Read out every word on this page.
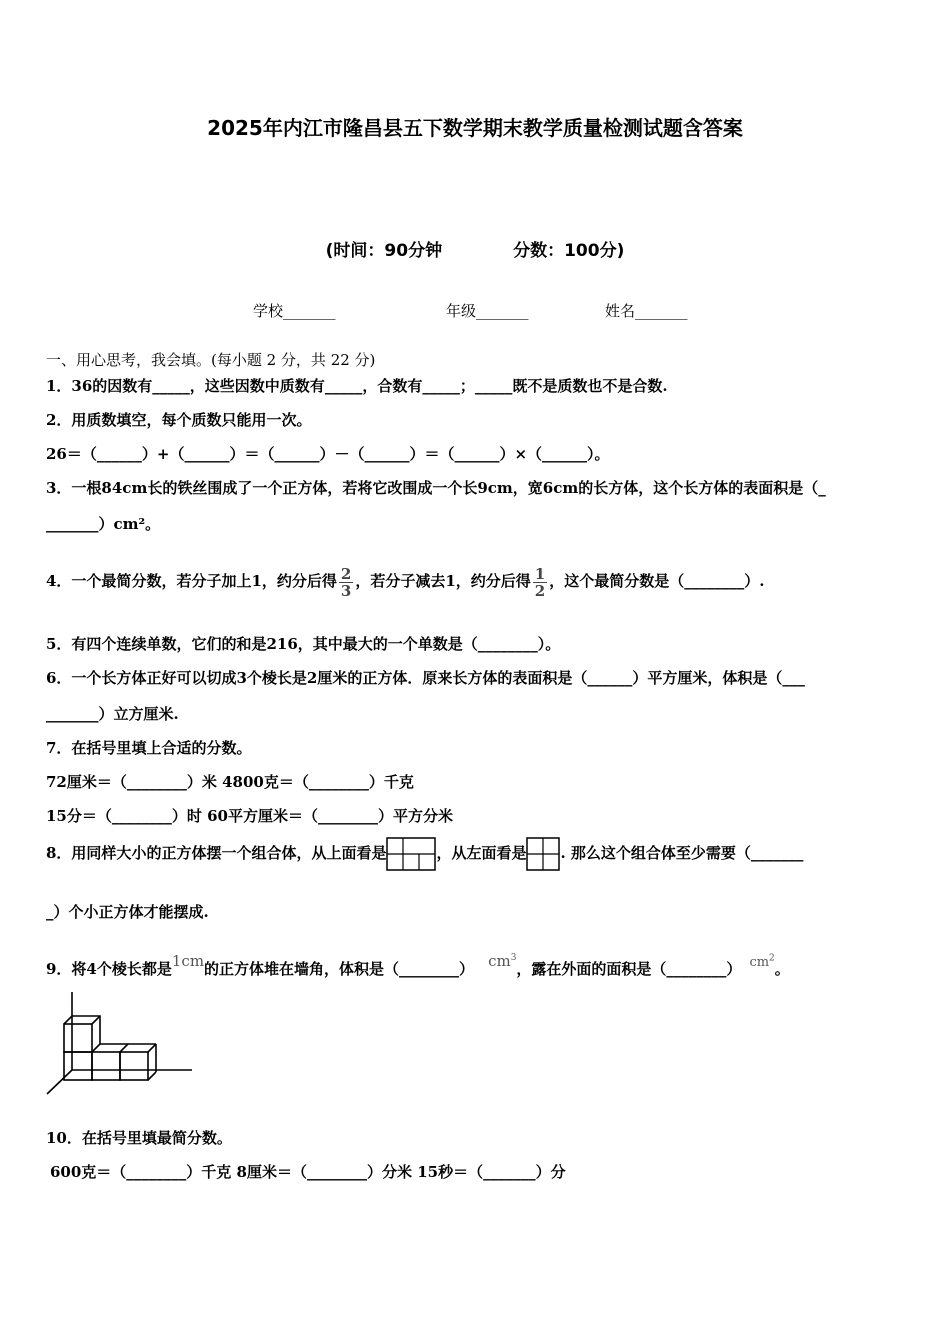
2025年内江市隆昌县五下数学期末教学质量检测试题含答案
(时间：90分钟            分数：100分)
学校_______	年级_______	姓名_______
一、用心思考，我会填。(每小题 2 分，共 22 分)
1．36的因数有_____，这些因数中质数有_____，合数有_____；_____既不是质数也不是合数.
2．用质数填空，每个质数只能用一次。
26＝（______）+（______）＝（______）－（______）＝（______）×（______）。
3．一根84cm长的铁丝围成了一个正方体，若将它改围成一个长9cm，宽6cm的长方体，这个长方体的表面积是（_
_______）cm²。
4．一个最简分数，若分子加上1，约分后得 $\frac{2}{3}$ ，若分子减去1，约分后得 $\frac{1}{2}$ ，这个最简分数是（________）.
5．有四个连续单数，它们的和是216，其中最大的一个单数是（________）。
6．一个长方体正好可以切成3个棱长是2厘米的正方体．原来长方体的表面积是（______）平方厘米，体积是（___
_______）立方厘米.
7．在括号里填上合适的分数。
72厘米＝（________）米 4800克＝（________）千克
15分＝（________）时 60平方厘米＝（________）平方分米
8．用同样大小的正方体摆一个组合体，从上面看是	，从左面看是 . 那么这个组合体至少需要（_______
_）个小正方体才能摆成.
9．将4个棱长都是1cm的正方体堆在墙角，体积是（________） $cm^3$，露在外面的面积是（________） $cm^2$。
10．在括号里填最简分数。
600克＝（________）千克 8厘米＝（________）分米 15秒＝（_______）分
